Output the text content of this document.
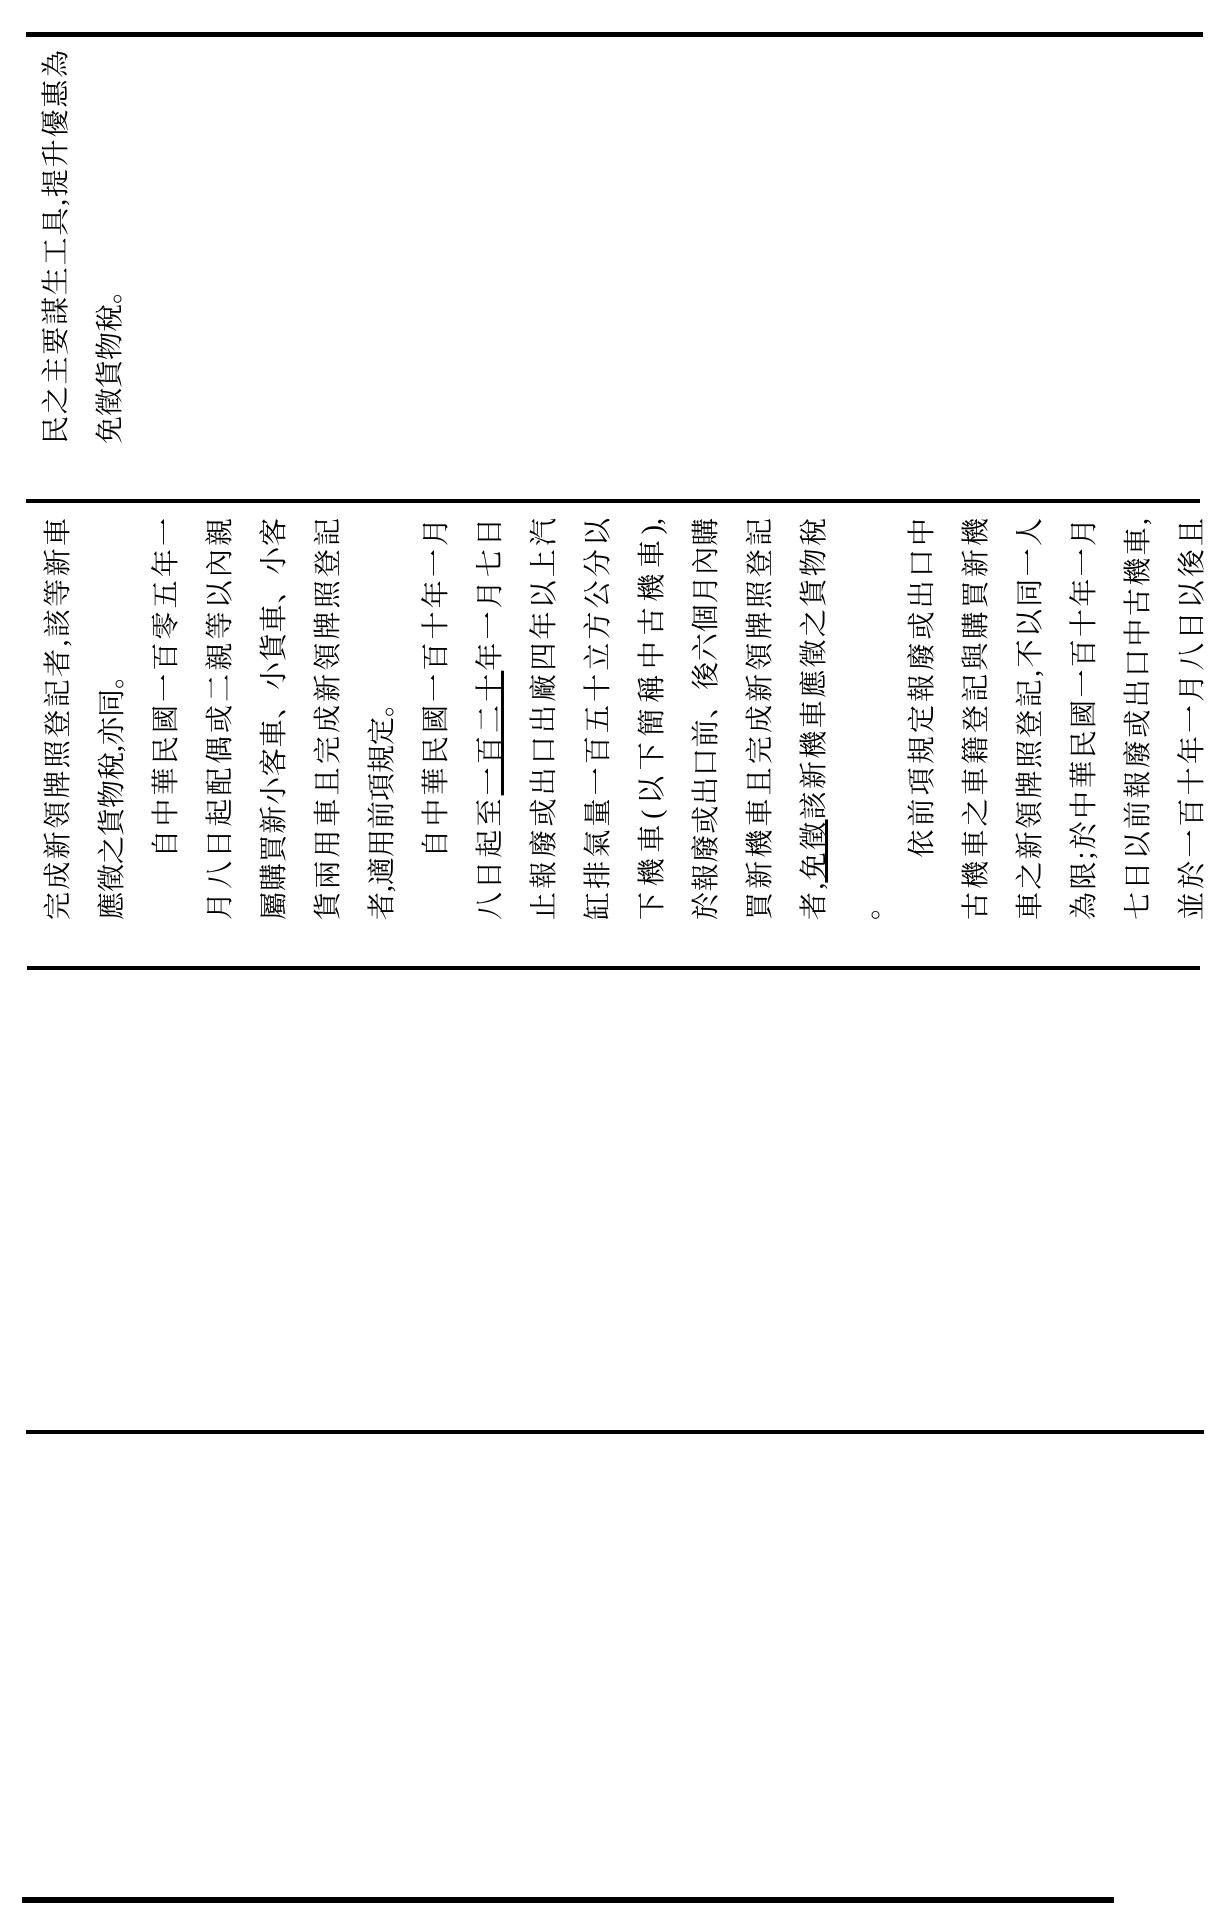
民之主要謀生工具,提升優惠為 免徵貨物稅。
完成新領牌照登記者,該等新車 應徵之貨物稅,亦同。 　　自中華民國一百零五年一 月八日起配偶或二親等以內親 屬購買新小客車、小貨車、小客 貨兩用車且完成新領牌照登記 者,適用前項規定。 　　自中華民國一百十年一月 八日起至一百二十年一月七日 止報廢或出口出廠四年以上汽 缸排氣量一百五十立方公分以 下機車(以下簡稱中古機車), 於報廢或出口前、後六個月內購 買新機車且完成新領牌照登記 者,免徵該新機車應徵之貨物稅
。 　　依前項規定報廢或出口中 古機車之車籍登記與購買新機 車之新領牌照登記,不以同一人 為限;於中華民國一百十年一月 七日以前報廢或出口中古機車, 並於一百十年一月八日以後且
